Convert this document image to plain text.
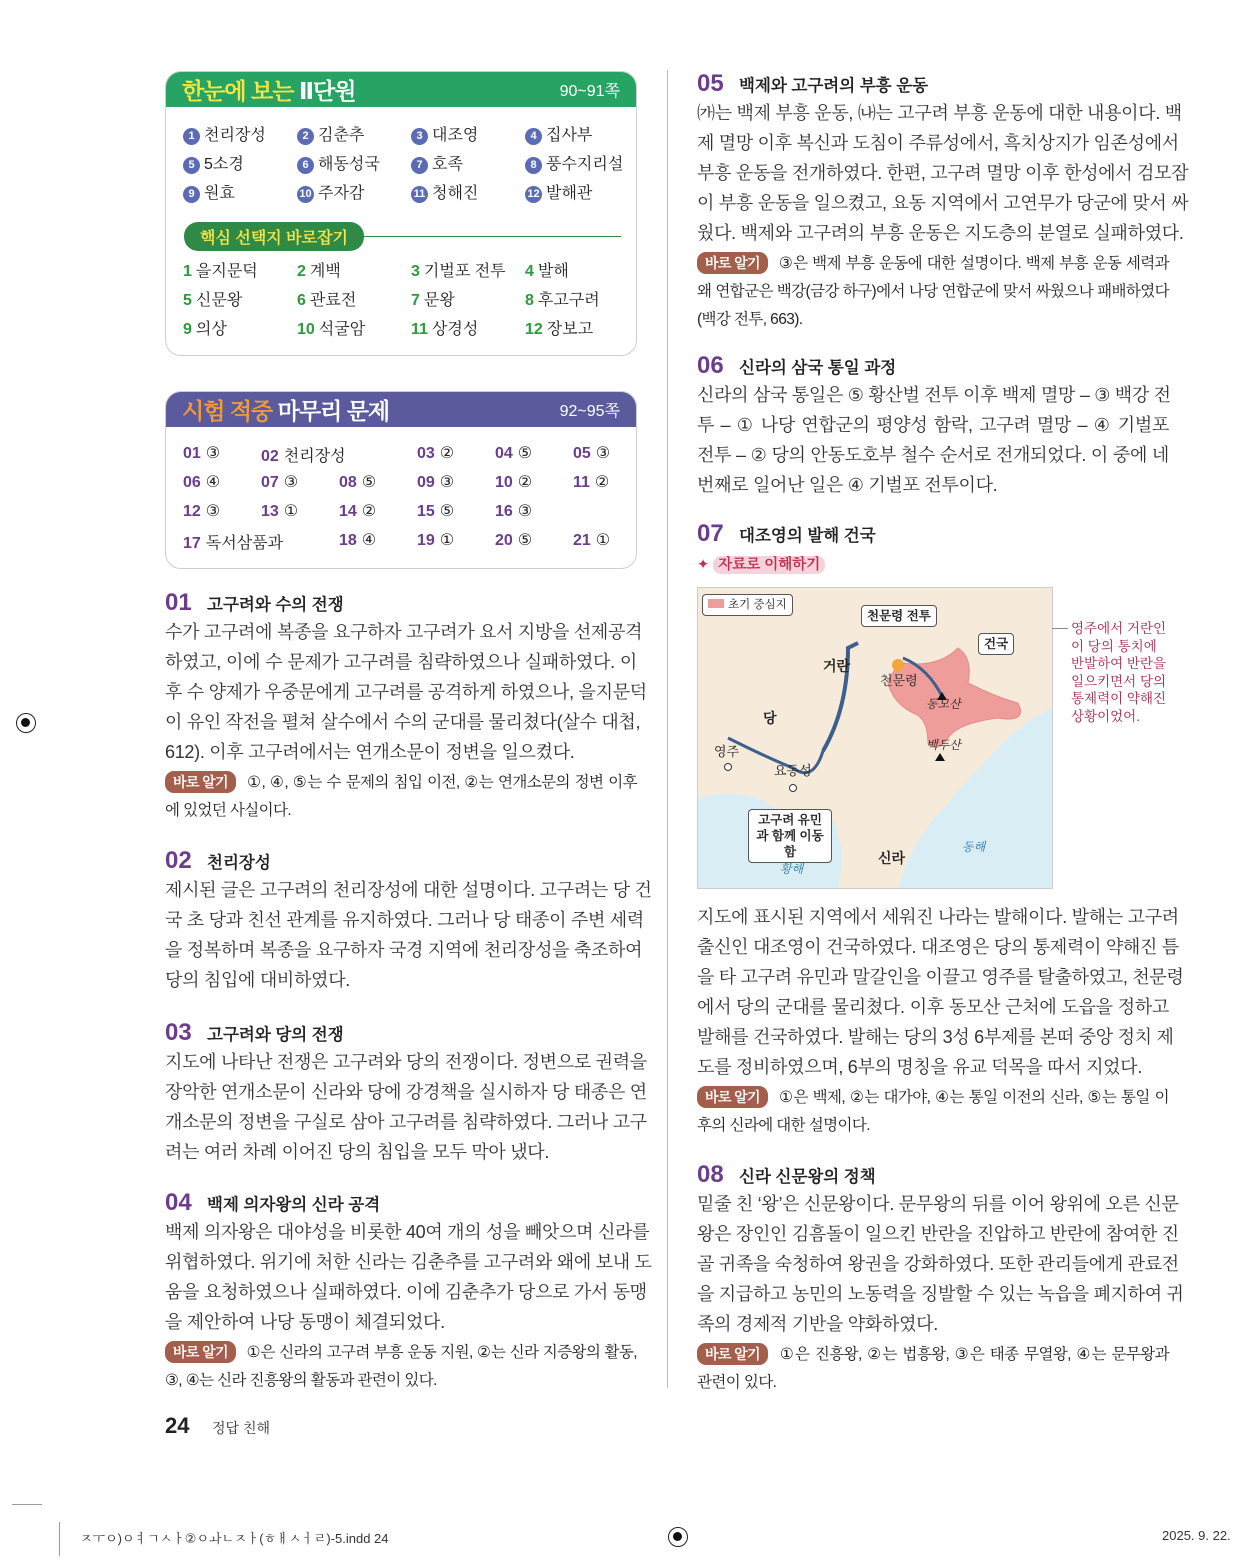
한눈에 보는 Ⅱ단원	90~91쪽
1 천리장성	2 김춘추	3 대조영	4 집사부
5 5소경	6 해동성국	7 호족	8 풍수지리설
9 원효	10 주자감	11 청해진	12 발해관
핵심 선택지 바로잡기
1 을지문덕 2 계백	3 기벌포 전투 4 발해
5 신문왕	6 관료전	7 문왕	8 후고구려
9 의상	10 석굴암	11 상경성	12 장보고
시험 적중 마무리 문제	92~95쪽
01 ③	02 천리장성	03 ②	04 ⑤	05 ③
06 ④	07 ③	08 ⑤	09 ③	10 ②	11 ②
12 ③	13 ①	14 ②	15 ⑤	16 ③
17 독서삼품과	18 ④	19 ①	20 ⑤	21 ①
01 고구려와 수의 전쟁
수가 고구려에 복종을 요구하자 고구려가 요서 지방을 선제공격
하였고, 이에 수 문제가 고구려를 침략하였으나 실패하였다. 이
후 수 양제가 우중문에게 고구려를 공격하게 하였으나, 을지문덕
이 유인 작전을 펼쳐 살수에서 수의 군대를 물리쳤다(살수 대첩,
612). 이후 고구려에서는 연개소문이 정변을 일으켰다.
바로 알기 ①, ④, ⑤는 수 문제의 침입 이전, ②는 연개소문의 정변 이후
에 있었던 사실이다.
02 천리장성
제시된 글은 고구려의 천리장성에 대한 설명이다. 고구려는 당 건
국 초 당과 친선 관계를 유지하였다. 그러나 당 태종이 주변 세력
을 정복하며 복종을 요구하자 국경 지역에 천리장성을 축조하여
당의 침입에 대비하였다.
03 고구려와 당의 전쟁
지도에 나타난 전쟁은 고구려와 당의 전쟁이다. 정변으로 권력을
장악한 연개소문이 신라와 당에 강경책을 실시하자 당 태종은 연
개소문의 정변을 구실로 삼아 고구려를 침략하였다. 그러나 고구
려는 여러 차례 이어진 당의 침입을 모두 막아 냈다.
04 백제 의자왕의 신라 공격
백제 의자왕은 대야성을 비롯한 40여 개의 성을 빼앗으며 신라를
위협하였다. 위기에 처한 신라는 김춘추를 고구려와 왜에 보내 도
움을 요청하였으나 실패하였다. 이에 김춘추가 당으로 가서 동맹
을 제안하여 나당 동맹이 체결되었다.
바로 알기 ①은 신라의 고구려 부흥 운동 지원, ②는 신라 지증왕의 활동,
③, ④는 신라 진흥왕의 활동과 관련이 있다.
05 백제와 고구려의 부흥 운동
㈎는 백제 부흥 운동, ㈏는 고구려 부흥 운동에 대한 내용이다. 백
제 멸망 이후 복신과 도침이 주류성에서, 흑치상지가 임존성에서
부흥 운동을 전개하였다. 한편, 고구려 멸망 이후 한성에서 검모잠
이 부흥 운동을 일으켰고, 요동 지역에서 고연무가 당군에 맞서 싸
웠다. 백제와 고구려의 부흥 운동은 지도층의 분열로 실패하였다.
바로 알기 ③은 백제 부흥 운동에 대한 설명이다. 백제 부흥 운동 세력과
왜 연합군은 백강(금강 하구)에서 나당 연합군에 맞서 싸웠으나 패배하였다
(백강 전투, 663).
06 신라의 삼국 통일 과정
신라의 삼국 통일은 ⑤ 황산벌 전투 이후 백제 멸망 – ③ 백강 전
투 – ① 나당 연합군의 평양성 함락, 고구려 멸망 – ④ 기벌포
전투 – ② 당의 안동도호부 철수 순서로 전개되었다. 이 중에 네
번째로 일어난 일은 ④ 기벌포 전투이다.
07 대조영의 발해 건국
지도에 표시된 지역에서 세워진 나라는 발해이다. 발해는 고구려
출신인 대조영이 건국하였다. 대조영은 당의 통제력이 약해진 틈
을 타 고구려 유민과 말갈인을 이끌고 영주를 탈출하였고, 천문령
에서 당의 군대를 물리쳤다. 이후 동모산 근처에 도읍을 정하고
발해를 건국하였다. 발해는 당의 3성 6부제를 본떠 중앙 정치 제
도를 정비하였으며, 6부의 명칭을 유교 덕목을 따서 지었다.
바로 알기 ①은 백제, ②는 대가야, ④는 통일 이전의 신라, ⑤는 통일 이
후의 신라에 대한 설명이다.
08 신라 신문왕의 정책
밑줄 친 ‘왕’은 신문왕이다. 문무왕의 뒤를 이어 왕위에 오른 신문
왕은 장인인 김흠돌이 일으킨 반란을 진압하고 반란에 참여한 진
골 귀족을 숙청하여 왕권을 강화하였다. 또한 관리들에게 관료전
을 지급하고 농민의 노동력을 징발할 수 있는 녹읍을 폐지하여 귀
족의 경제적 기반을 약화하였다.
바로 알기 ①은 진흥왕, ②는 법흥왕, ③은 태종 무열왕, ④는 문무왕과
관련이 있다.
✦ 자료로 이해하기
초기 중심지
천문령 전투
건국
고구려 유민과 함께 이동함
거란
당
영주
요동성
천문령
동모산
백두산
신라
황해
동해
영주에서 거란인이 당의 통치에 반발하여 반란을 일으키면서 당의 통제력이 약해진 상황이었어.
24 정답 친해
ㅈㅜㅇ)ㅇㅕㄱㅅㅏ②ㅇㅘㄴㅈㅏ(ㅎㅐㅅㅓㄹ)-5.indd 24	2025. 9. 22.
